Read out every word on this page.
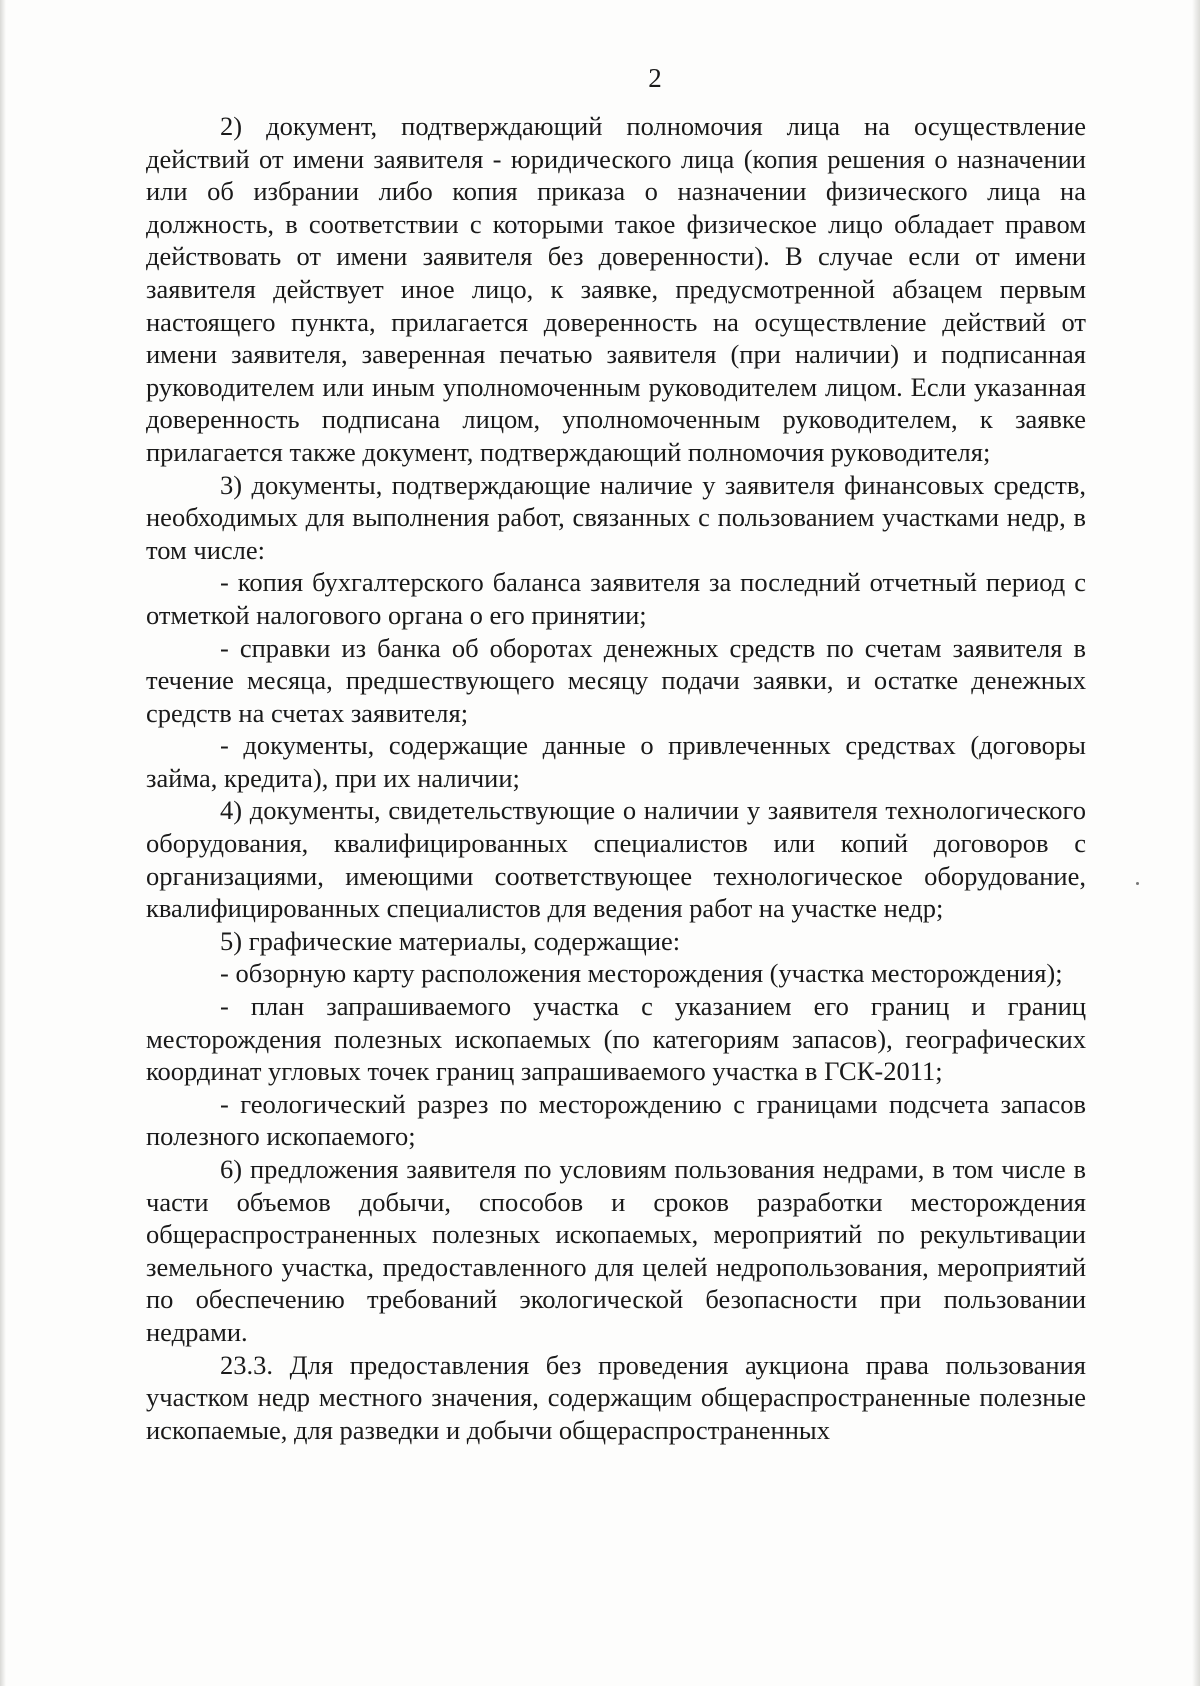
2

2) документ, подтверждающий полномочия лица на осуществление действий от имени заявителя - юридического лица (копия решения о назначении или об избрании либо копия приказа о назначении физического лица на должность, в соответствии с которыми такое физическое лицо обладает правом действовать от имени заявителя без доверенности). В случае если от имени заявителя действует иное лицо, к заявке, предусмотренной абзацем первым настоящего пункта, прилагается доверенность на осуществление действий от имени заявителя, заверенная печатью заявителя (при наличии) и подписанная руководителем или иным уполномоченным руководителем лицом. Если указанная доверенность подписана лицом, уполномоченным руководителем, к заявке прилагается также документ, подтверждающий полномочия руководителя;

3) документы, подтверждающие наличие у заявителя финансовых средств, необходимых для выполнения работ, связанных с пользованием участками недр, в том числе:

- копия бухгалтерского баланса заявителя за последний отчетный период с отметкой налогового органа о его принятии;

- справки из банка об оборотах денежных средств по счетам заявителя в течение месяца, предшествующего месяцу подачи заявки, и остатке денежных средств на счетах заявителя;

- документы, содержащие данные о привлеченных средствах (договоры займа, кредита), при их наличии;

4) документы, свидетельствующие о наличии у заявителя технологического оборудования, квалифицированных специалистов или копий договоров с организациями, имеющими соответствующее технологическое оборудование, квалифицированных специалистов для ведения работ на участке недр;

5) графические материалы, содержащие:

- обзорную карту расположения месторождения (участка месторождения);

- план запрашиваемого участка с указанием его границ и границ месторождения полезных ископаемых (по категориям запасов), географических координат угловых точек границ запрашиваемого участка в ГСК-2011;

- геологический разрез по месторождению с границами подсчета запасов полезного ископаемого;

6) предложения заявителя по условиям пользования недрами, в том числе в части объемов добычи, способов и сроков разработки месторождения общераспространенных полезных ископаемых, мероприятий по рекультивации земельного участка, предоставленного для целей недропользования, мероприятий по обеспечению требований экологической безопасности при пользовании недрами.

23.3. Для предоставления без проведения аукциона права пользования участком недр местного значения, содержащим общераспространенные полезные ископаемые, для разведки и добычи общераспространенных
